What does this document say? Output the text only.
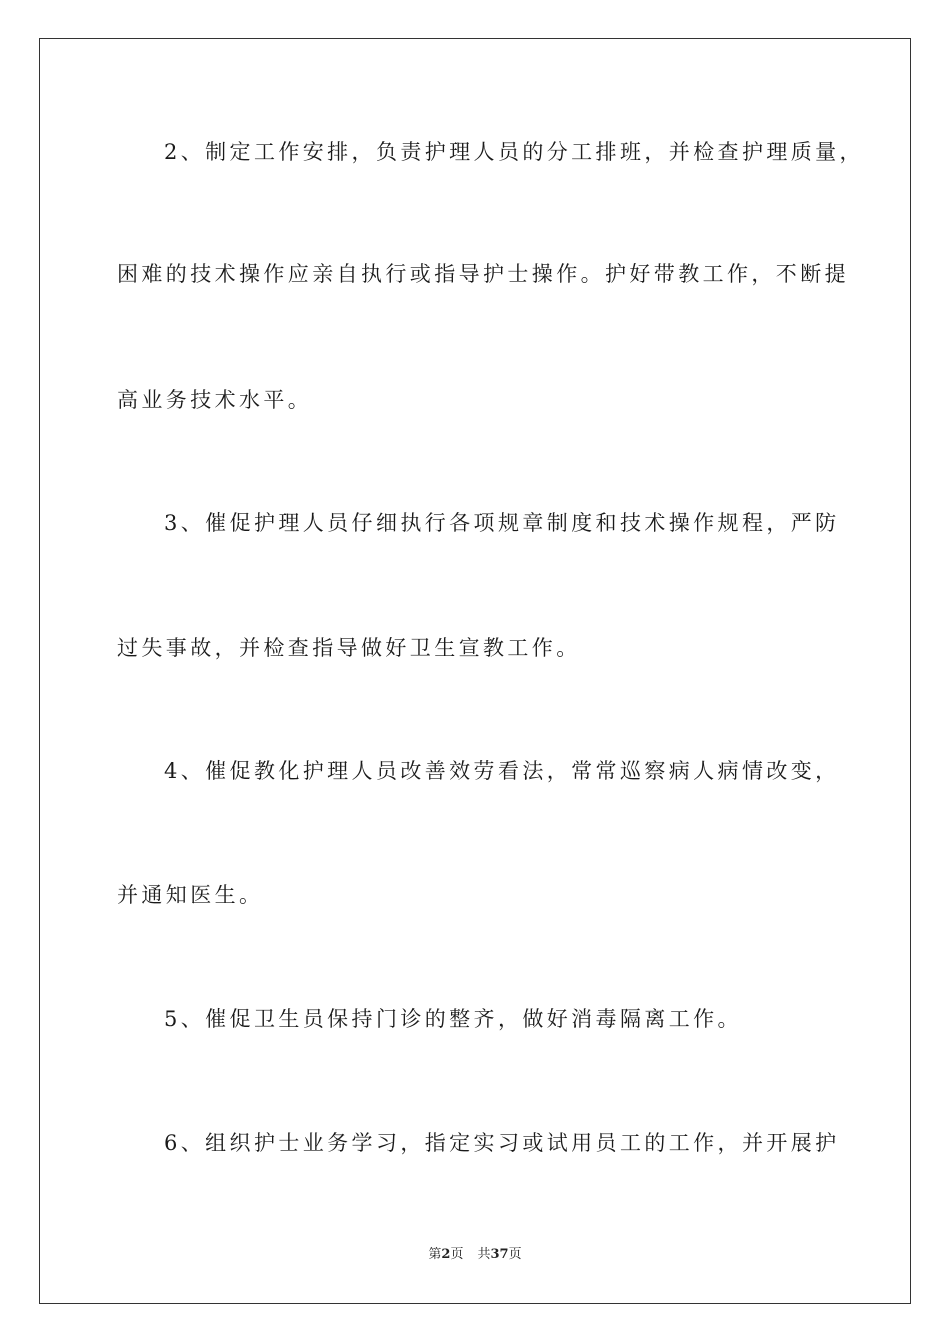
2、制定工作安排，负责护理人员的分工排班，并检查护理质量，
困难的技术操作应亲自执行或指导护士操作。护好带教工作，不断提
高业务技术水平。
3、催促护理人员仔细执行各项规章制度和技术操作规程，严防
过失事故，并检查指导做好卫生宣教工作。
4、催促教化护理人员改善效劳看法，常常巡察病人病情改变，
并通知医生。
5、催促卫生员保持门诊的整齐，做好消毒隔离工作。
6、组织护士业务学习，指定实习或试用员工的工作，并开展护
第2页 共37页
